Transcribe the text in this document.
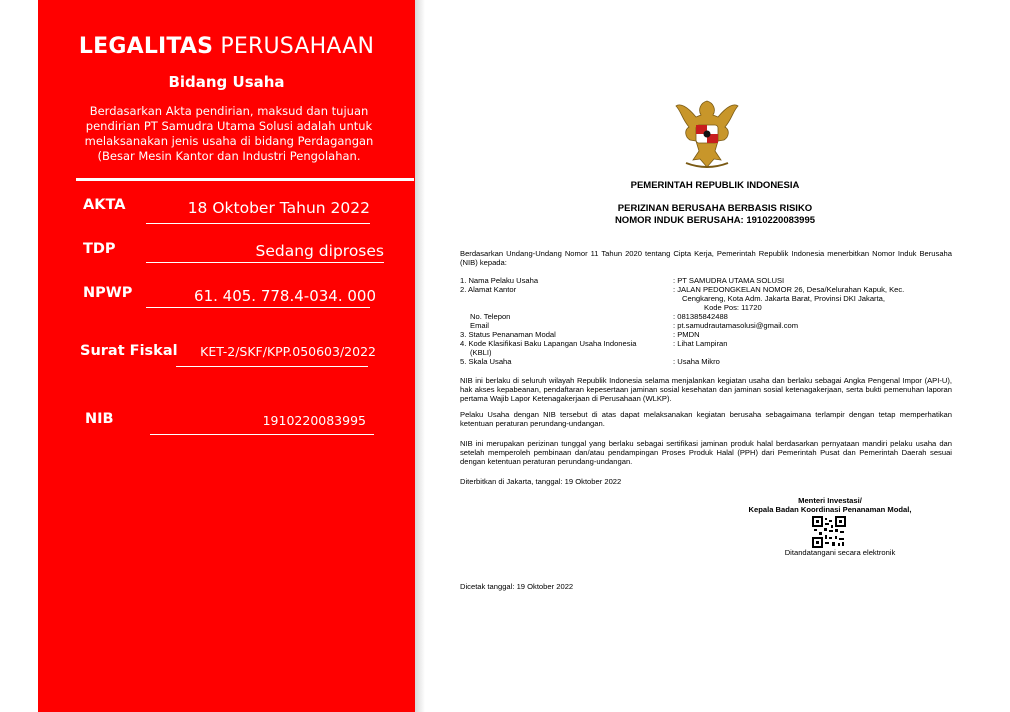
LEGALITAS PERUSAHAAN
Bidang Usaha
Berdasarkan Akta pendirian, maksud dan tujuan pendirian PT Samudra Utama Solusi adalah untuk melaksanakan jenis usaha di bidang Perdagangan (Besar Mesin Kantor dan Industri Pengolahan.
AKTA	18 Oktober Tahun 2022
TDP	Sedang diproses
NPWP	61. 405. 778.4-034. 000
Surat Fiskal	KET-2/SKF/KPP.050603/2022
NIB	1910220083995
PEMERINTAH REPUBLIK INDONESIA
PERIZINAN BERUSAHA BERBASIS RISIKO
NOMOR INDUK BERUSAHA: 1910220083995
Berdasarkan Undang-Undang Nomor 11 Tahun 2020 tentang Cipta Kerja, Pemerintah Republik Indonesia menerbitkan Nomor Induk Berusaha (NIB) kepada:
1. Nama Pelaku Usaha	: PT SAMUDRA UTAMA SOLUSI
2. Alamat Kantor	: JALAN PEDONGKELAN NOMOR 26, Desa/Kelurahan Kapuk, Kec.
Cengkareng, Kota Adm. Jakarta Barat, Provinsi DKI Jakarta,
Kode Pos: 11720
No. Telepon	: 081385842488
Email	: pt.samudrautamasolusi@gmail.com
3. Status Penanaman Modal	: PMDN
4. Kode Klasifikasi Baku Lapangan Usaha Indonesia	: Lihat Lampiran
(KBLI)
5. Skala Usaha	: Usaha Mikro
NIB ini berlaku di seluruh wilayah Republik Indonesia selama menjalankan kegiatan usaha dan berlaku sebagai Angka Pengenal Impor (API-U), hak akses kepabeanan, pendaftaran kepesertaan jaminan sosial kesehatan dan jaminan sosial ketenagakerjaan, serta bukti pemenuhan laporan pertama Wajib Lapor Ketenagakerjaan di Perusahaan (WLKP).
Pelaku Usaha dengan NIB tersebut di atas dapat melaksanakan kegiatan berusaha sebagaimana terlampir dengan tetap memperhatikan ketentuan peraturan perundang-undangan.
NIB ini merupakan perizinan tunggal yang berlaku sebagai sertifikasi jaminan produk halal berdasarkan pernyataan mandiri pelaku usaha dan setelah memperoleh pembinaan dan/atau pendampingan Proses Produk Halal (PPH) dari Pemerintah Pusat dan Pemerintah Daerah sesuai dengan ketentuan peraturan perundang-undangan.
Diterbitkan di Jakarta, tanggal: 19 Oktober 2022
Menteri Investasi/
Kepala Badan Koordinasi Penanaman Modal,
Ditandatangani secara elektronik
Dicetak tanggal: 19 Oktober 2022
